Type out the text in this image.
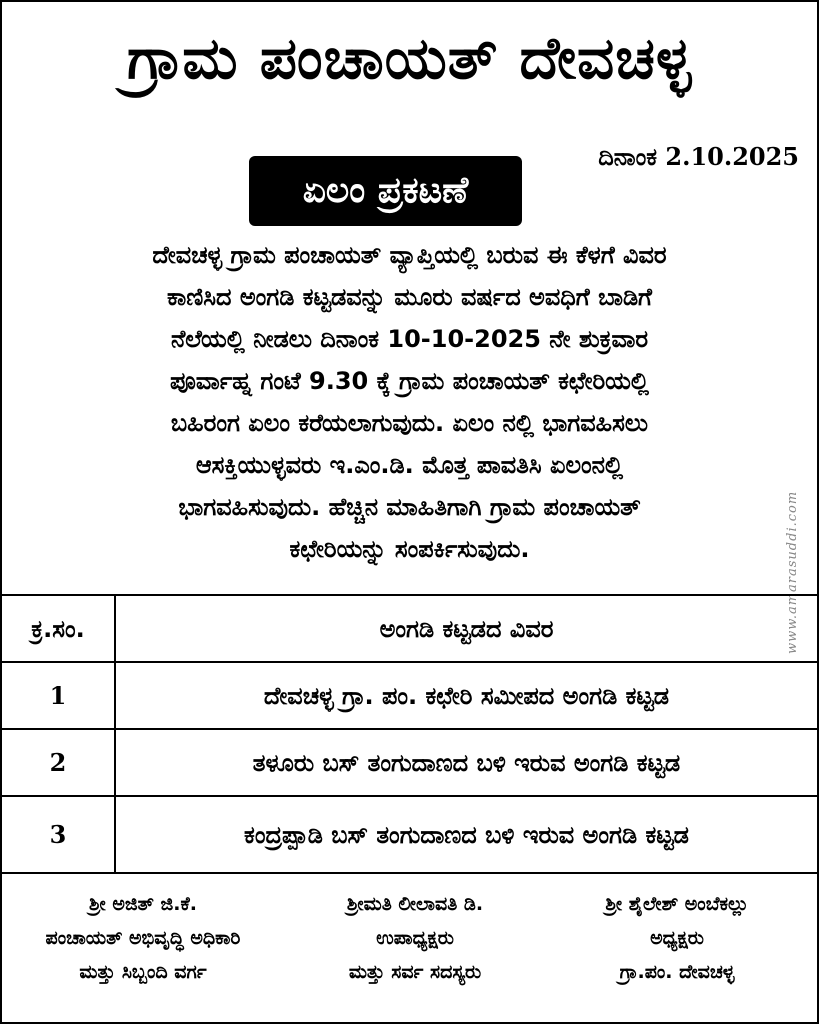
ಗ್ರಾಮ ಪಂಚಾಯತ್ ದೇವಚಳ್ಳ
ದಿನಾಂಕ 2.10.2025
ಏಲಂ ಪ್ರಕಟಣೆ
ದೇವಚಳ್ಳ ಗ್ರಾಮ ಪಂಚಾಯತ್ ವ್ಯಾಪ್ತಿಯಲ್ಲಿ ಬರುವ ಈ ಕೆಳಗೆ ವಿವರ
ಕಾಣಿಸಿದ ಅಂಗಡಿ ಕಟ್ಟಡವನ್ನು ಮೂರು ವರ್ಷದ ಅವಧಿಗೆ ಬಾಡಿಗೆ
ನೆಲೆಯಲ್ಲಿ ನೀಡಲು ದಿನಾಂಕ 10-10-2025 ನೇ ಶುಕ್ರವಾರ
ಪೂರ್ವಾಹ್ನ ಗಂಟೆ 9.30 ಕ್ಕೆ ಗ್ರಾಮ ಪಂಚಾಯತ್ ಕಛೇರಿಯಲ್ಲಿ
ಬಹಿರಂಗ ಏಲಂ ಕರೆಯಲಾಗುವುದು. ಏಲಂ ನಲ್ಲಿ ಭಾಗವಹಿಸಲು
ಆಸಕ್ತಿಯುಳ್ಳವರು ಇ.ಎಂ.ಡಿ. ಮೊತ್ತ ಪಾವತಿಸಿ ಏಲಂನಲ್ಲಿ
ಭಾಗವಹಿಸುವುದು. ಹೆಚ್ಚಿನ ಮಾಹಿತಿಗಾಗಿ ಗ್ರಾಮ ಪಂಚಾಯತ್
ಕಛೇರಿಯನ್ನು ಸಂಪರ್ಕಿಸುವುದು.	www.amarasuddi.com
ಕ್ರ.ಸಂ.	ಅಂಗಡಿ ಕಟ್ಟಡದ ವಿವರ
1	ದೇವಚಳ್ಳ ಗ್ರಾ. ಪಂ. ಕಛೇರಿ ಸಮೀಪದ ಅಂಗಡಿ ಕಟ್ಟಡ
2	ತಳೂರು ಬಸ್ ತಂಗುದಾಣದ ಬಳಿ ಇರುವ ಅಂಗಡಿ ಕಟ್ಟಡ
3	ಕಂದ್ರಪ್ಪಾಡಿ ಬಸ್ ತಂಗುದಾಣದ ಬಳಿ ಇರುವ ಅಂಗಡಿ ಕಟ್ಟಡ
ಶ್ರೀ ಅಜಿತ್ ಜಿ.ಕೆ.
ಪಂಚಾಯತ್ ಅಭಿವೃದ್ಧಿ ಅಧಿಕಾರಿ
ಮತ್ತು ಸಿಬ್ಬಂದಿ ವರ್ಗ
ಶ್ರೀಮತಿ ಲೀಲಾವತಿ ಡಿ.
ಉಪಾಧ್ಯಕ್ಷರು
ಮತ್ತು ಸರ್ವ ಸದಸ್ಯರು
ಶ್ರೀ ಶೈಲೇಶ್ ಅಂಬೆಕಲ್ಲು
ಅಧ್ಯಕ್ಷರು
ಗ್ರಾ.ಪಂ. ದೇವಚಳ್ಳ
